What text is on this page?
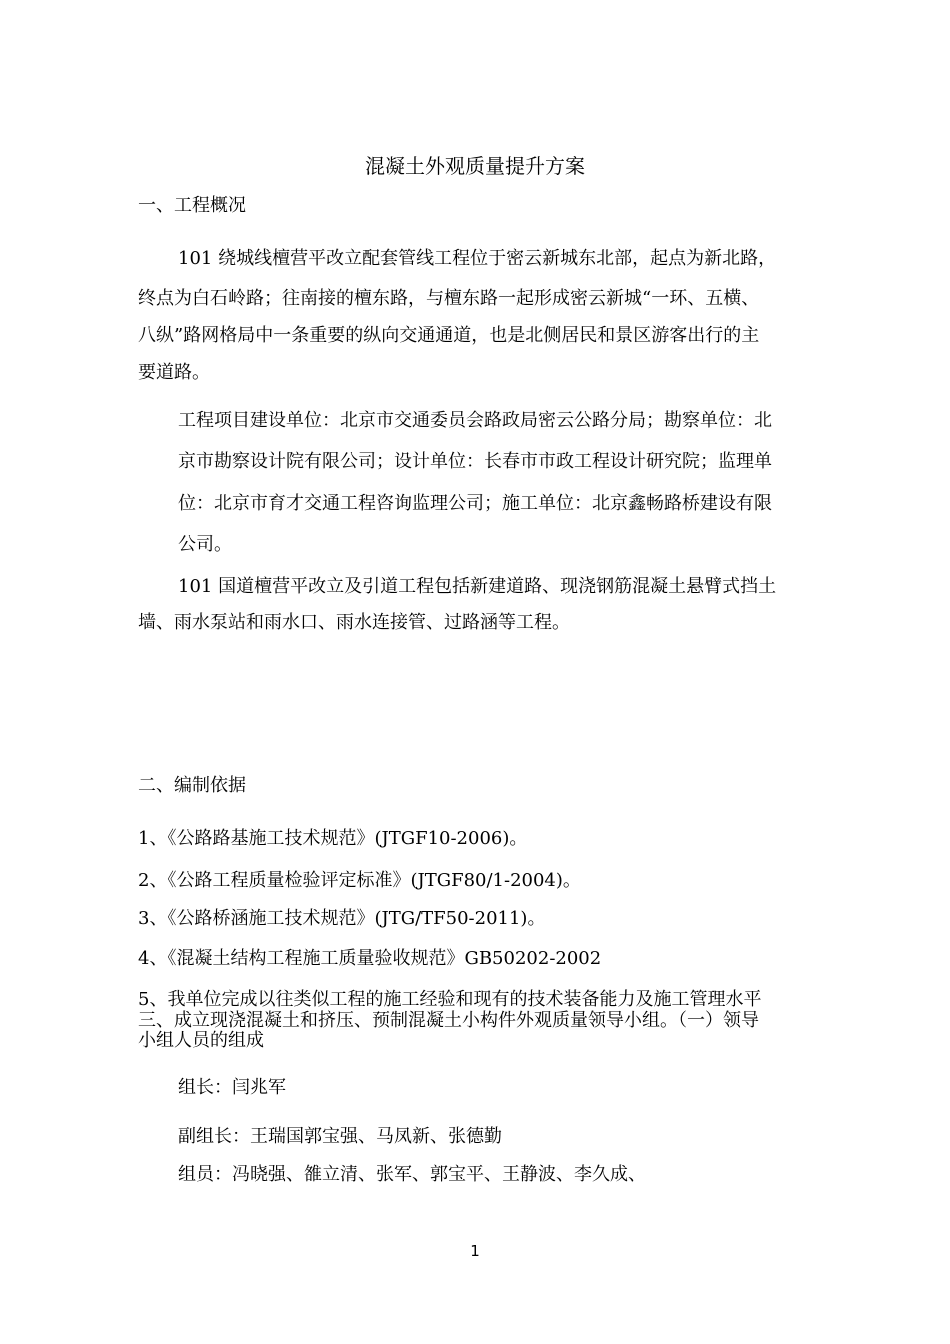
混凝土外观质量提升方案

一、工程概况

101 绕城线檀营平改立配套管线工程位于密云新城东北部，起点为新北路，

终点为白石岭路；往南接的檀东路，与檀东路一起形成密云新城“一环、五横、

八纵”路网格局中一条重要的纵向交通通道，也是北侧居民和景区游客出行的主

要道路。

工程项目建设单位：北京市交通委员会路政局密云公路分局；勘察单位：北

京市勘察设计院有限公司；设计单位：长春市市政工程设计研究院；监理单

位：北京市育才交通工程咨询监理公司；施工单位：北京鑫畅路桥建设有限

公司。

101 国道檀营平改立及引道工程包括新建道路、现浇钢筋混凝土悬臂式挡土

墙、雨水泵站和雨水口、雨水连接管、过路涵等工程。

二、编制依据

1、《公路路基施工技术规范》(JTGF10-2006)。

2、《公路工程质量检验评定标准》(JTGF80/1-2004)。

3、《公路桥涵施工技术规范》(JTG/TF50-2011)。

4、《混凝土结构工程施工质量验收规范》GB50202-2002

5、我单位完成以往类似工程的施工经验和现有的技术装备能力及施工管理水平

三、成立现浇混凝土和挤压、预制混凝土小构件外观质量领导小组。（一）领导

小组人员的组成

组长：闫兆军

副组长：王瑞国郭宝强、马凤新、张德勤

组员：冯晓强、雒立清、张军、郭宝平、王静波、李久成、

1
